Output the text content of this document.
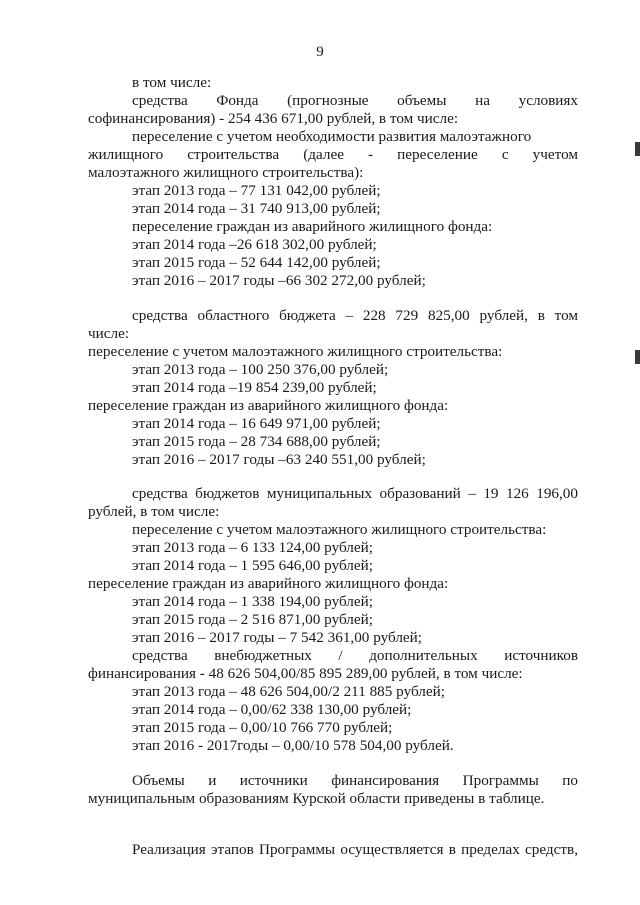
9
в том числе:
средства Фонда (прогнозные объемы на условиях
софинансирования) - 254 436 671,00 рублей, в том числе:
переселение с учетом необходимости развития малоэтажного
жилищного строительства (далее - переселение с учетом
малоэтажного жилищного строительства):
этап 2013 года – 77 131 042,00 рублей;
этап 2014 года – 31 740 913,00 рублей;
переселение граждан из аварийного жилищного фонда:
этап 2014 года –26 618 302,00 рублей;
этап 2015 года – 52 644 142,00 рублей;
этап 2016 – 2017 годы –66 302 272,00 рублей;
средства областного бюджета – 228 729 825,00 рублей, в том
числе:
переселение с учетом малоэтажного жилищного строительства:
этап 2013 года – 100 250 376,00 рублей;
этап 2014 года –19 854 239,00 рублей;
переселение граждан из аварийного жилищного фонда:
этап 2014 года – 16 649 971,00 рублей;
этап 2015 года – 28 734 688,00 рублей;
этап 2016 – 2017 годы –63 240 551,00 рублей;
средства бюджетов муниципальных образований – 19 126 196,00
рублей, в том числе:
переселение с учетом малоэтажного жилищного строительства:
этап 2013 года – 6 133 124,00 рублей;
этап 2014 года – 1 595 646,00 рублей;
переселение граждан из аварийного жилищного фонда:
этап 2014 года – 1 338 194,00 рублей;
этап 2015 года – 2 516 871,00 рублей;
этап 2016 – 2017 годы – 7 542 361,00 рублей;
средства внебюджетных / дополнительных источников
финансирования - 48 626 504,00/85 895 289,00 рублей, в том числе:
этап 2013 года – 48 626 504,00/2 211 885 рублей;
этап 2014 года – 0,00/62 338 130,00 рублей;
этап 2015 года – 0,00/10 766 770 рублей;
этап 2016 - 2017годы – 0,00/10 578 504,00 рублей.
Объемы и источники финансирования Программы по
муниципальным образованиям Курской области приведены в таблице.
Реализация этапов Программы осуществляется в пределах средств,
